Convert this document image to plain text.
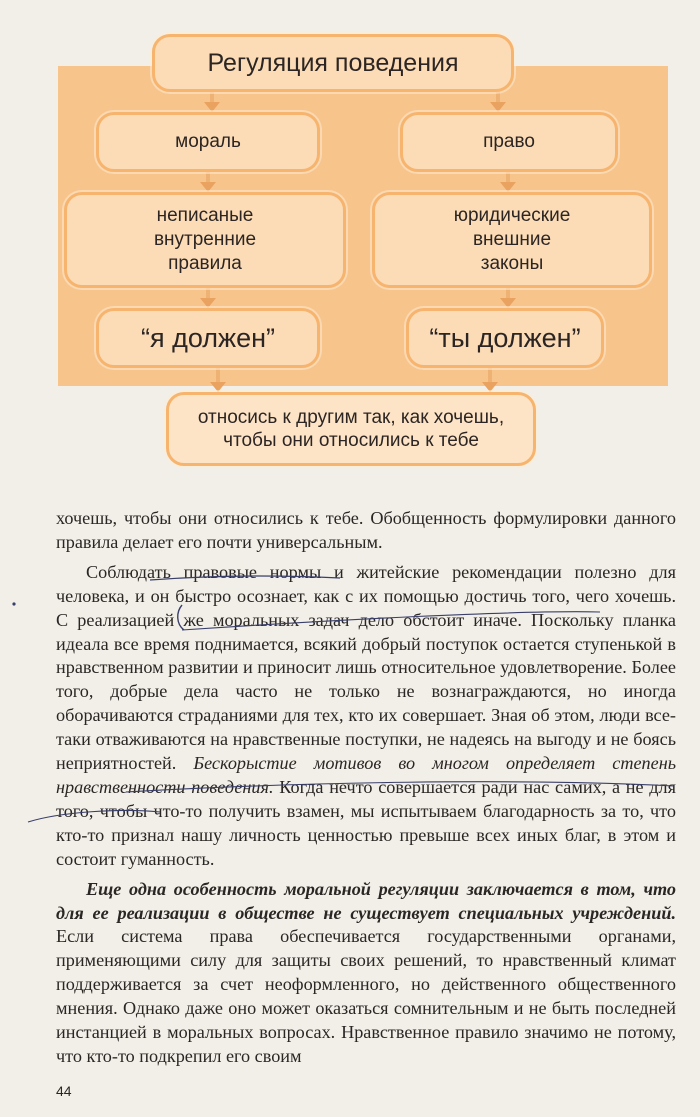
Регуляция поведения
мораль	право
неписаные
внутренние
правила
юридические
внешние
законы
“я должен”	“ты должен”
относись к другим так, как хочешь,
чтобы они относились к тебе

хочешь, чтобы они относились к тебе. Обобщенность формулировки данного правила делает его почти универсальным.

Соблюдать правовые нормы и житейские рекомендации полезно для человека, и он быстро осознает, как с их помощью достичь того, чего хочешь. С реализацией же моральных задач дело обстоит иначе. Поскольку планка идеала все время поднимается, всякий добрый поступок остается ступенькой в нравственном развитии и приносит лишь относительное удовлетворение. Более того, добрые дела часто не только не вознаграждаются, но иногда оборачиваются страданиями для тех, кто их совершает. Зная об этом, люди все-таки отваживаются на нравственные поступки, не надеясь на выгоду и не боясь неприятностей. Бескорыстие мотивов во многом определяет степень нравственности поведения. Когда нечто совершается ради нас самих, а не для того, чтобы что-то получить взамен, мы испытываем благодарность за то, что кто-то признал нашу личность ценностью превыше всех иных благ, в этом и состоит гуманность.

Еще одна особенность моральной регуляции заключается в том, что для ее реализации в обществе не существует специальных учреждений. Если система права обеспечивается государственными органами, применяющими силу для защиты своих решений, то нравственный климат поддерживается за счет неоформленного, но действенного общественного мнения. Однако даже оно может оказаться сомнительным и не быть последней инстанцией в моральных вопросах. Нравственное правило значимо не потому, что кто-то подкрепил его своим

44
